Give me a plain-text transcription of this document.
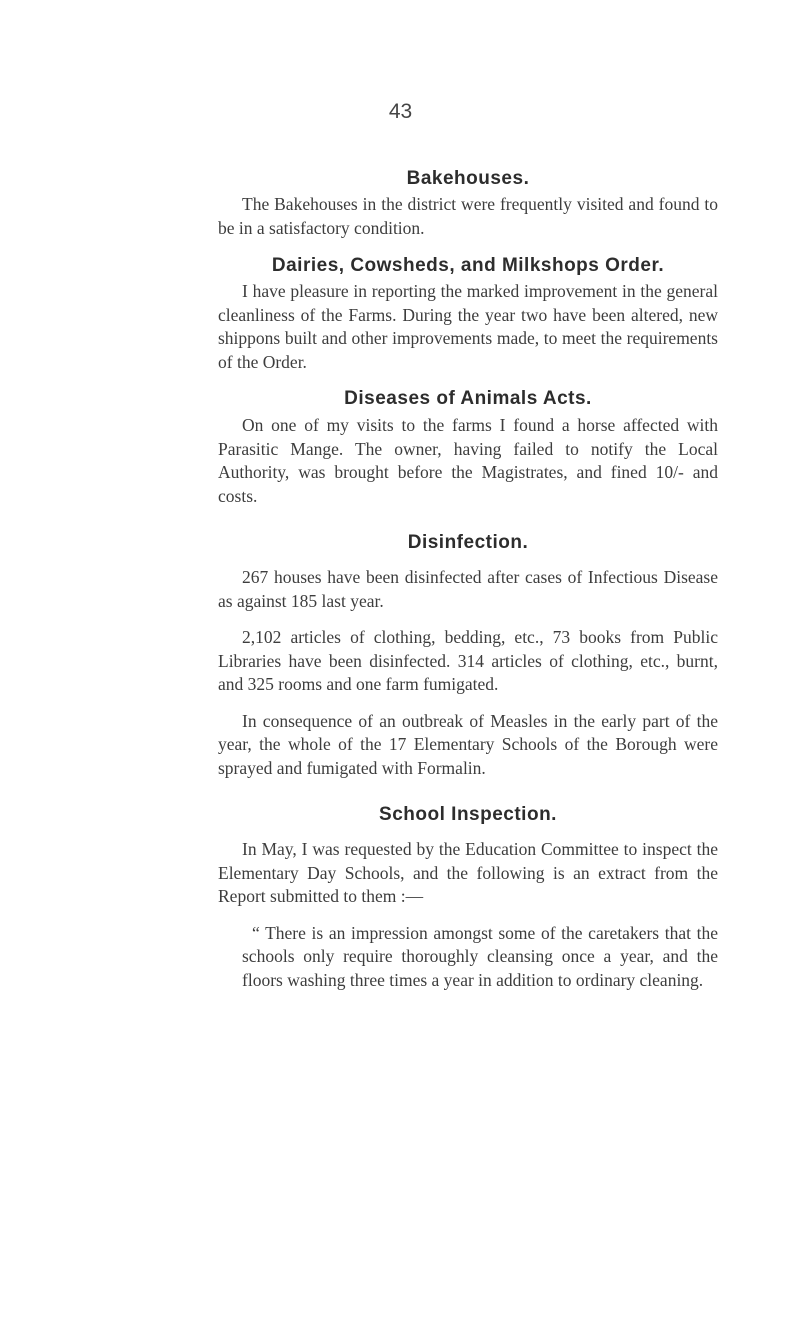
43
Bakehouses.

The Bakehouses in the district were frequently visited and found to be in a satisfactory condition.

Dairies, Cowsheds, and Milkshops Order.

I have pleasure in reporting the marked improvement in the general cleanliness of the Farms. During the year two have been altered, new shippons built and other improvements made, to meet the requirements of the Order.

Diseases of Animals Acts.

On one of my visits to the farms I found a horse affected with Parasitic Mange. The owner, having failed to notify the Local Authority, was brought before the Magistrates, and fined 10/- and costs.

Disinfection.

267 houses have been disinfected after cases of Infectious Disease as against 185 last year.

2,102 articles of clothing, bedding, etc., 73 books from Public Libraries have been disinfected. 314 articles of clothing, etc., burnt, and 325 rooms and one farm fumigated.

In consequence of an outbreak of Measles in the early part of the year, the whole of the 17 Elementary Schools of the Borough were sprayed and fumigated with Formalin.

School Inspection.

In May, I was requested by the Education Committee to inspect the Elementary Day Schools, and the following is an extract from the Report submitted to them :—

“ There is an impression amongst some of the caretakers that the schools only require thoroughly cleansing once a year, and the floors washing three times a year in addition to ordinary cleaning.
